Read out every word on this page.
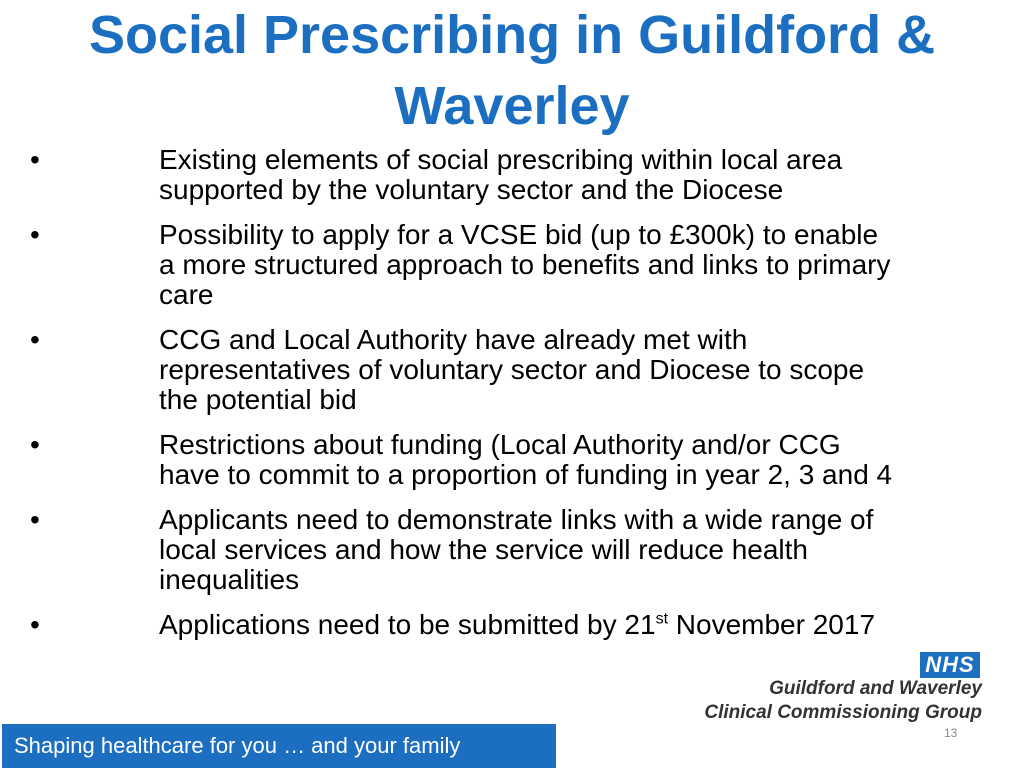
Social Prescribing in Guildford &
Waverley
•	Existing elements of social prescribing within local area
supported by the voluntary sector and the Diocese
•	Possibility to apply for a VCSE bid (up to £300k) to enable
a more structured approach to benefits and links to primary
care
•	CCG and Local Authority have already met with
representatives of voluntary sector and Diocese to scope
the potential bid
•	Restrictions about funding (Local Authority and/or CCG
have to commit to a proportion of funding in year 2, 3 and 4
•	Applicants need to demonstrate links with a wide range of
local services and how the service will reduce health
inequalities
•	Applications need to be submitted by 21st November 2017
NHS
Guildford and Waverley
Clinical Commissioning Group
13
Shaping healthcare for you … and your family
